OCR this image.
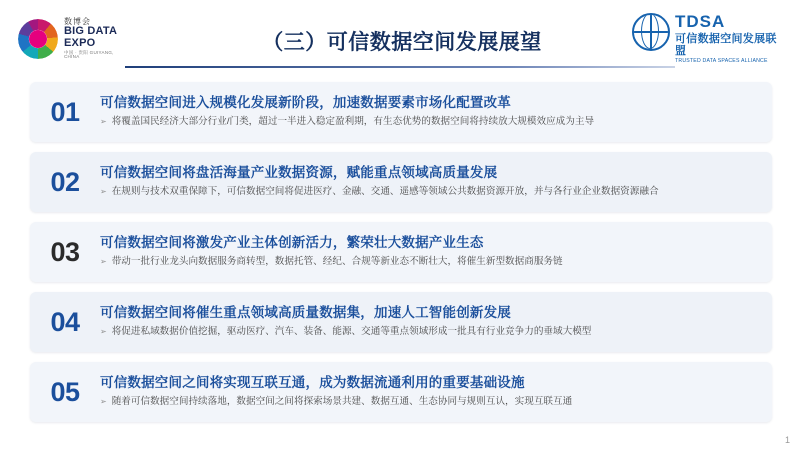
数博会
BIG DATA
EXPO
中国 · 贵阳 GUIYANG, CHINA
（三）可信数据空间发展展望
TDSA
可信数据空间发展联盟
TRUSTED DATA SPACES ALLIANCE
01	可信数据空间进入规模化发展新阶段，加速数据要素市场化配置改革
➢ 将覆盖国民经济大部分行业/门类，超过一半进入稳定盈利期，有生态优势的数据空间将持续放大规模效应成为主导
02	可信数据空间将盘活海量产业数据资源，赋能重点领域高质量发展
➢ 在规则与技术双重保障下，可信数据空间将促进医疗、金融、交通、遥感等领域公共数据资源开放，并与各行业企业数据资源融合
03	可信数据空间将激发产业主体创新活力，繁荣壮大数据产业生态
➢ 带动一批行业龙头向数据服务商转型，数据托管、经纪、合规等新业态不断壮大，将催生新型数据商服务链
04	可信数据空间将催生重点领域高质量数据集，加速人工智能创新发展
➢ 将促进私域数据价值挖掘，驱动医疗、汽车、装备、能源、交通等重点领域形成一批具有行业竞争力的垂域大模型
05	可信数据空间之间将实现互联互通，成为数据流通利用的重要基础设施
➢ 随着可信数据空间持续落地，数据空间之间将探索场景共建、数据互通、生态协同与规则互认，实现互联互通
1
